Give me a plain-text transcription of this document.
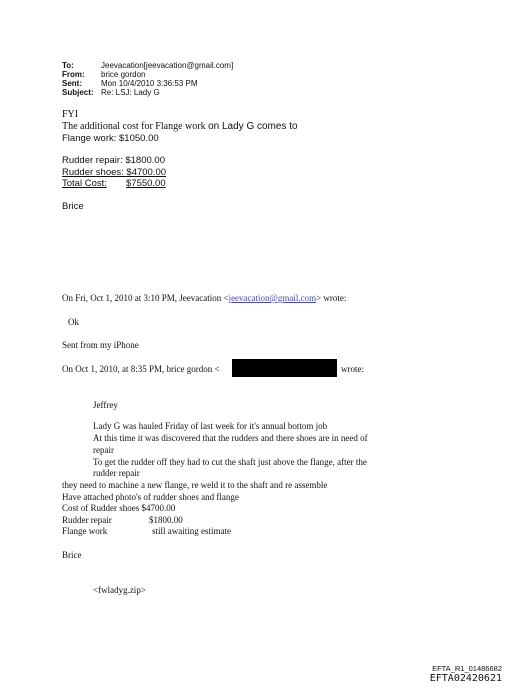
To:	Jeevacation[jeevacation@gmail.com]
From: brice gordon
Sent: Mon 10/4/2010 3:36:53 PM
Subject: Re: LSJ: Lady G
FYI
The additional cost for Flange work on Lady G comes to
Flange work: $1050.00
Rudder repair: $1800.00
Rudder shoes: $4700.00
Total Cost: $7550.00
Brice
On Fri, Oct 1, 2010 at 3:10 PM, Jeevacation <jeevacation@gmail.com> wrote:
Ok
Sent from my iPhone
On Oct 1, 2010, at 8:35 PM, brice gordon <	wrote:
Jeffrey
Lady G was hauled Friday of last week for it's annual bottom job
At this time it was discovered that the rudders and there shoes are in need of
repair
To get the rudder off they had to cut the shaft just above the flange, after the
rudder repair
they need to machine a new flange, re weld it to the shaft and re assemble
Have attached photo's of rudder shoes and flange
Cost of Rudder shoes $4700.00
Rudder repair	$1800.00
Flange work	still awaiting estimate
Brice
<fwladyg.zip>
EFTA_R1_01486682
EFTA02420621
